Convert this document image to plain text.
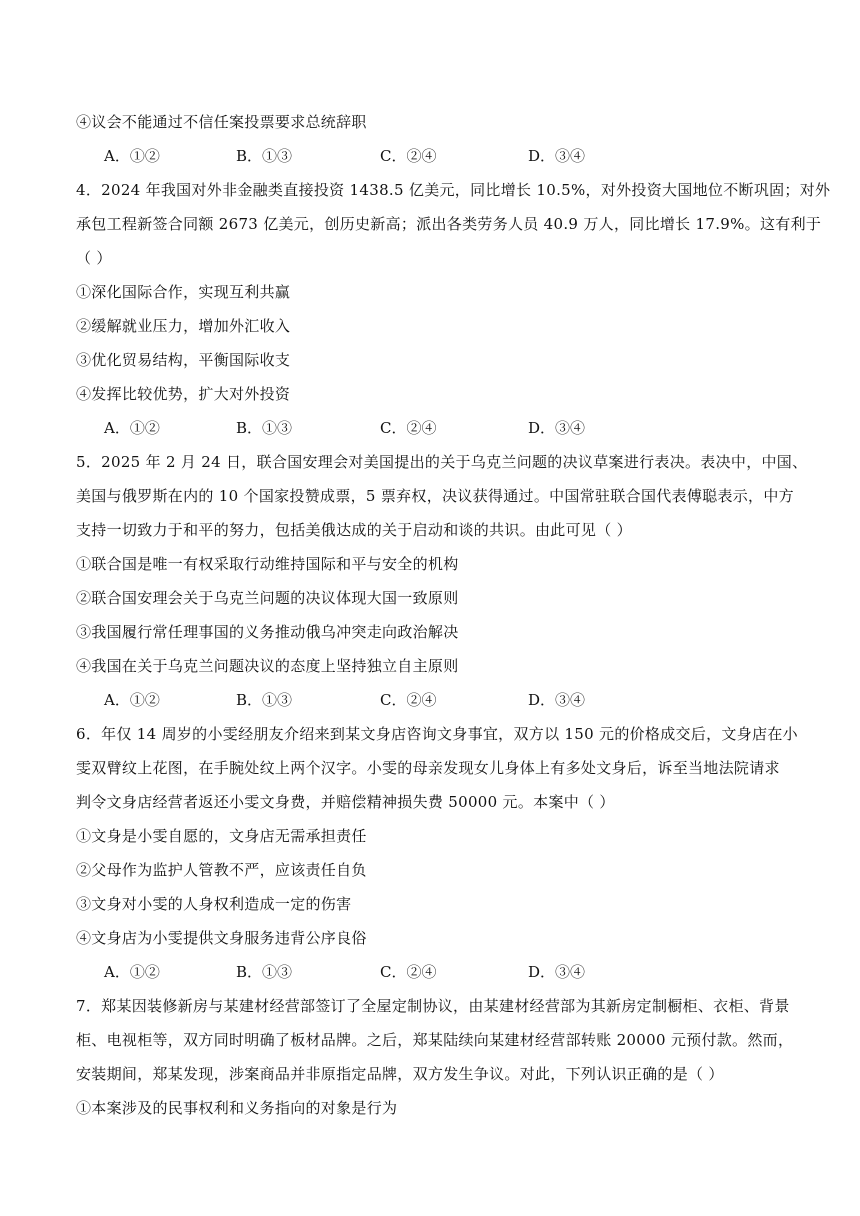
④议会不能通过不信任案投票要求总统辞职
A．①②	B．①③	C．②④	D．③④
4．2024 年我国对外非金融类直接投资 1438.5 亿美元，同比增长 10.5%，对外投资大国地位不断巩固；对外
承包工程新签合同额 2673 亿美元，创历史新高；派出各类劳务人员 40.9 万人，同比增长 17.9%。这有利于
（ ）
①深化国际合作，实现互利共赢
②缓解就业压力，增加外汇收入
③优化贸易结构，平衡国际收支
④发挥比较优势，扩大对外投资
A．①②	B．①③	C．②④	D．③④
5．2025 年 2 月 24 日，联合国安理会对美国提出的关于乌克兰问题的决议草案进行表决。表决中，中国、
美国与俄罗斯在内的 10 个国家投赞成票，5 票弃权，决议获得通过。中国常驻联合国代表傅聪表示，中方
支持一切致力于和平的努力，包括美俄达成的关于启动和谈的共识。由此可见（ ）
①联合国是唯一有权采取行动维持国际和平与安全的机构
②联合国安理会关于乌克兰问题的决议体现大国一致原则
③我国履行常任理事国的义务推动俄乌冲突走向政治解决
④我国在关于乌克兰问题决议的态度上坚持独立自主原则
A．①②	B．①③	C．②④	D．③④
6．年仅 14 周岁的小雯经朋友介绍来到某文身店咨询文身事宜，双方以 150 元的价格成交后，文身店在小
雯双臂纹上花图，在手腕处纹上两个汉字。小雯的母亲发现女儿身体上有多处文身后，诉至当地法院请求
判令文身店经营者返还小雯文身费，并赔偿精神损失费 50000 元。本案中（ ）
①文身是小雯自愿的，文身店无需承担责任
②父母作为监护人管教不严，应该责任自负
③文身对小雯的人身权利造成一定的伤害
④文身店为小雯提供文身服务违背公序良俗
A．①②	B．①③	C．②④	D．③④
7．郑某因装修新房与某建材经营部签订了全屋定制协议，由某建材经营部为其新房定制橱柜、衣柜、背景
柜、电视柜等，双方同时明确了板材品牌。之后，郑某陆续向某建材经营部转账 20000 元预付款。然而，
安装期间，郑某发现，涉案商品并非原指定品牌，双方发生争议。对此，下列认识正确的是（ ）
①本案涉及的民事权利和义务指向的对象是行为
